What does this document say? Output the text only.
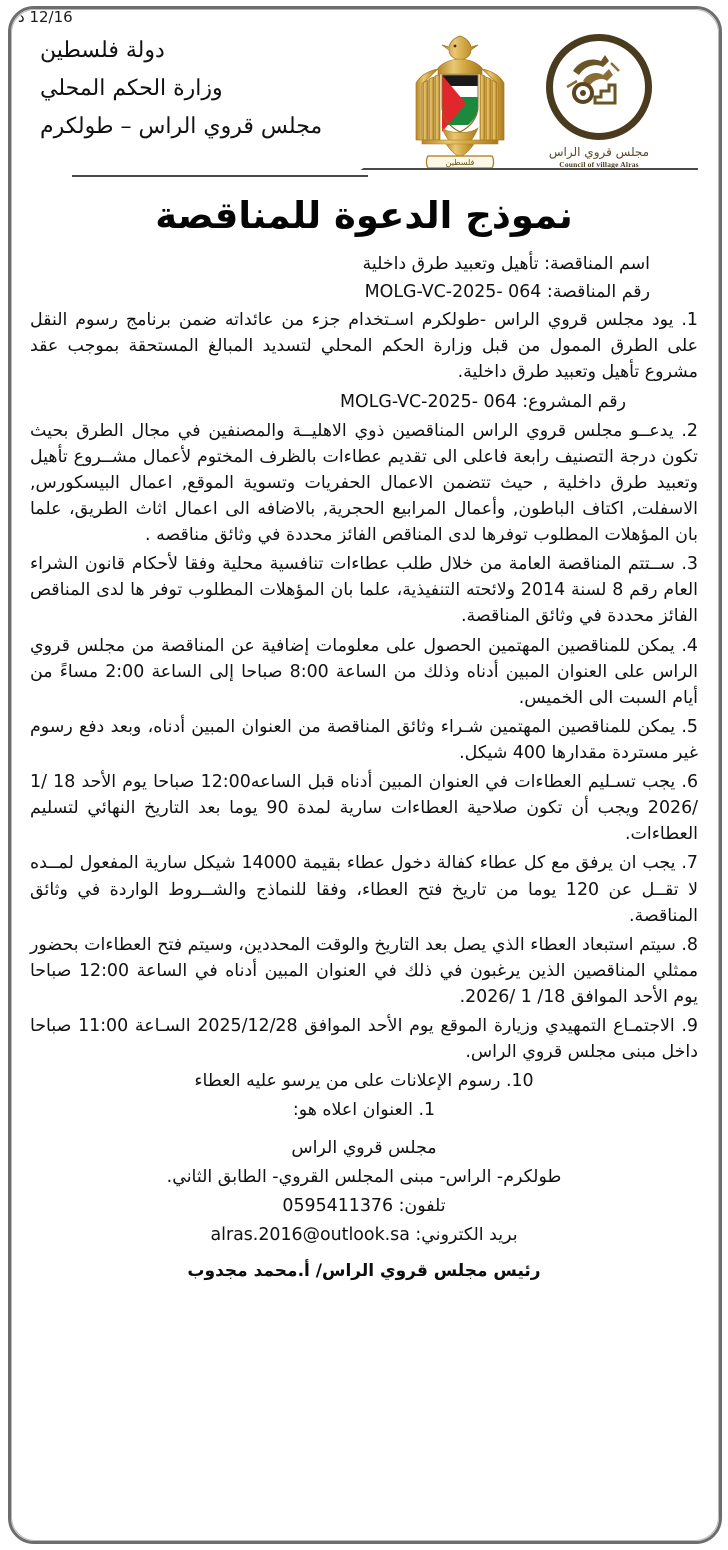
12/16 د
دولة فلسطين
وزارة الحكم المحلي
مجلس قروي الراس – طولكرم
فلسطين
مجلس قروي الراس
Council of village Alras
نموذج الدعوة للمناقصة
اسم المناقصة: تأهيل وتعبيد طرق داخلية
رقم المناقصة: MOLG-VC-2025- 064

1. يود مجلس قروي الراس -طولكرم اسـتخدام جزء من عائداته ضمن برنامج رسوم النقل على الطرق الممول من قبل وزارة الحكم المحلي لتسديد المبالغ المستحقة بموجب عقد مشروع تأهيل وتعبيد طرق داخلية.

رقم المشروع: MOLG-VC-2025- 064

2. يدعــو مجلس قروي الراس المناقصين ذوي الاهليــة والمصنفين في مجال الطرق بحيث تكون درجة التصنيف رابعة فاعلى الى تقديم عطاءات بالظرف المختوم لأعمال مشــروع تأهيل وتعبيد طرق داخلية , حيث تتضمن الاعمال الحفريات وتسوية الموقع, اعمال البيسكورس, الاسفلت, اكتاف الباطون, وأعمال المرابيع الحجرية, بالاضافه الى اعمال اثاث الطريق، علما بان المؤهلات المطلوب توفرها لدى المناقص الفائز محددة في وثائق مناقصه .

3. ســتتم المناقصة العامة من خلال طلب عطاءات تنافسية محلية وفقا لأحكام قانون الشراء العام رقم 8 لسنة 2014 ولائحته التنفيذية، علما بان المؤهلات المطلوب توفر ها لدى المناقص الفائز محددة في وثائق المناقصة.

4. يمكن للمناقصين المهتمين الحصول على معلومات إضافية عن المناقصة من مجلس قروي الراس على العنوان المبين أدناه وذلك من الساعة 8:00 صباحا إلى الساعة 2:00 مساءً من أيام السبت الى الخميس.

5. يمكن للمناقصين المهتمين شـراء وثائق المناقصة من العنوان المبين أدناه، وبعد دفع رسوم غير مستردة مقدارها 400 شيكل.

6. يجب تسـليم العطاءات في العنوان المبين أدناه قبل الساعه12:00 صباحا يوم الأحد 18 /1 /2026 ويجب أن تكون صلاحية العطاءات سارية لمدة 90 يوما بعد التاريخ النهائي لتسليم العطاءات.

7. يجب ان يرفق مع كل عطاء كفالة دخول عطاء بقيمة 14000 شيكل سارية المفعول لمــده لا تقــل عن 120 يوما من تاريخ فتح العطاء، وفقا للنماذج والشــروط الواردة في وثائق المناقصة.

8. سيتم استبعاد العطاء الذي يصل بعد التاريخ والوقت المحددين، وسيتم فتح العطاءات بحضور ممثلي المناقصين الذين يرغبون في ذلك في العنوان المبين أدناه في الساعة 12:00 صباحا يوم الأحد الموافق 18/ 1 /2026.

9. الاجتمـاع التمهيدي وزيارة الموقع يوم الأحد الموافق 2025/12/28 السـاعة 11:00 صباحا داخل مبنى مجلس قروي الراس.

10. رسوم الإعلانات على من يرسو عليه العطاء

1. العنوان اعلاه هو:

مجلس قروي الراس
طولكرم- الراس- مبنى المجلس القروي- الطابق الثاني.
تلفون: 0595411376
بريد الكتروني: alras.2016@outlook.sa
رئيس مجلس قروي الراس/ أ.محمد مجدوب
